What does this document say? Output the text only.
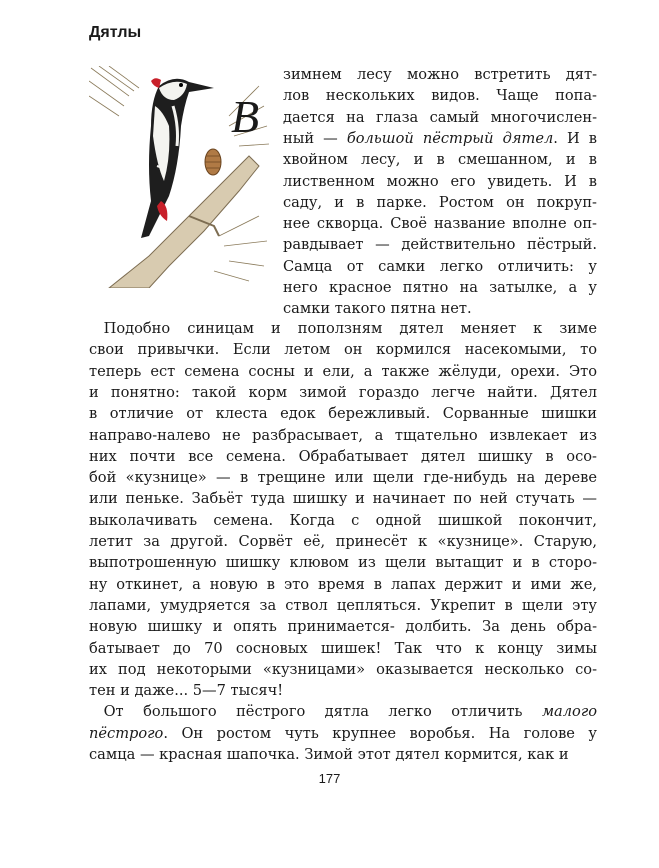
Дятлы
В
зимнем лесу можно встретить дят-
лов нескольких видов. Чаще попа-
дается на глаза самый многочислен-
ный — большой пёстрый дятел. И в
хвойном лесу, и в смешанном, и в
лиственном можно его увидеть. И в
саду, и в парке. Ростом он покруп-
нее скворца. Своё название вполне оп-
равдывает — действительно пёстрый.
Самца от самки легко отличить: у
него красное пятно на затылке, а у
самки такого пятна нет.
 Подобно синицам и поползням дятел меняет к зиме
свои привычки. Если летом он кормился насекомыми, то
теперь ест семена сосны и ели, а также жёлуди, орехи. Это
и понятно: такой корм зимой гораздо легче найти. Дятел
в отличие от клеста едок бережливый. Сорванные шишки
направо-налево не разбрасывает, а тщательно извлекает из
них почти все семена. Обрабатывает дятел шишку в осо-
бой «кузнице» — в трещине или щели где-нибудь на дереве
или пеньке. Забьёт туда шишку и начинает по ней стучать —
выколачивать семена. Когда с одной шишкой покончит,
летит за другой. Сорвёт её, принесёт к «кузнице». Старую,
выпотрошенную шишку клювом из щели вытащит и в сторо-
ну откинет, а новую в это время в лапах держит и ими же,
лапами, умудряется за ствол цепляться. Укрепит в щели эту
новую шишку и опять принимается- долбить. За день обра-
батывает до 70 сосновых шишек! Так что к концу зимы
их под некоторыми «кузницами» оказывается несколько со-
тен и даже... 5—7 тысяч!
 От большого пёстрого дятла легко отличить малого
пёстрого. Он ростом чуть крупнее воробья. На голове у
самца — красная шапочка. Зимой этот дятел кормится, как и
177
